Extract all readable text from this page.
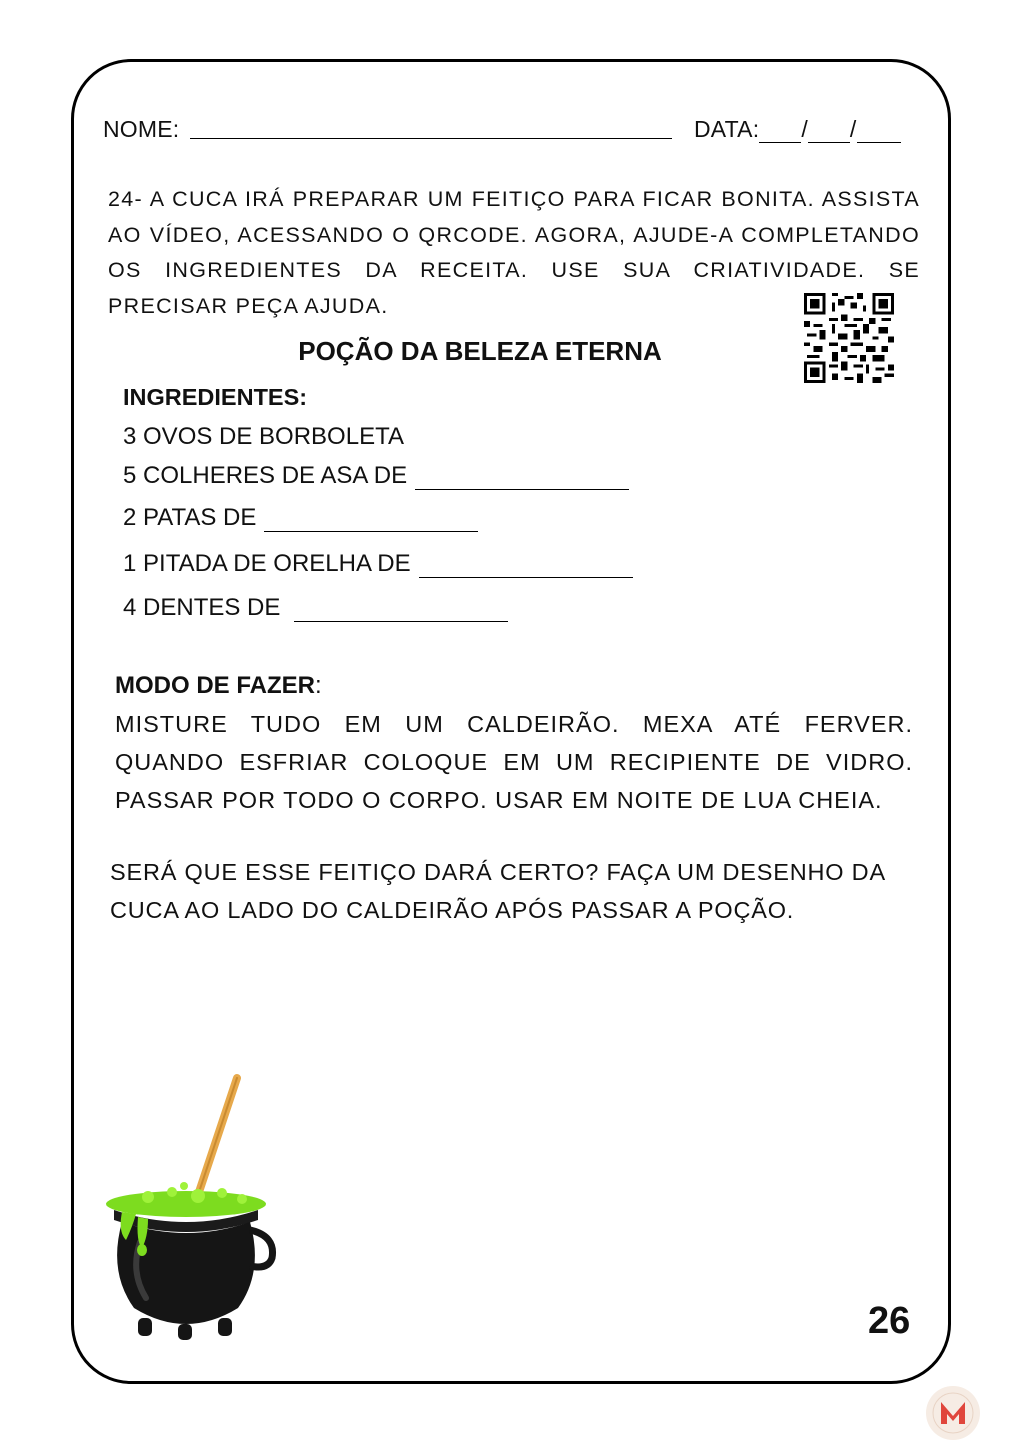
NOME:	DATA: / /
24- A CUCA IRÁ PREPARAR UM FEITIÇO PARA FICAR BONITA. ASSISTA AO VÍDEO, ACESSANDO O QRCODE. AGORA, AJUDE-A COMPLETANDO OS INGREDIENTES DA RECEITA. USE SUA CRIATIVIDADE. SE PRECISAR PEÇA AJUDA.
POÇÃO DA BELEZA ETERNA
INGREDIENTES:
3 OVOS DE BORBOLETA
5 COLHERES DE ASA DE
2 PATAS DE
1 PITADA DE ORELHA DE
4 DENTES DE
MODO DE FAZER:
MISTURE TUDO EM UM CALDEIRÃO. MEXA ATÉ FERVER. QUANDO ESFRIAR COLOQUE EM UM RECIPIENTE DE VIDRO. PASSAR POR TODO O CORPO. USAR EM NOITE DE LUA CHEIA.
SERÁ QUE ESSE FEITIÇO DARÁ CERTO? FAÇA UM DESENHO DA CUCA AO LADO DO CALDEIRÃO APÓS PASSAR A POÇÃO.
26
